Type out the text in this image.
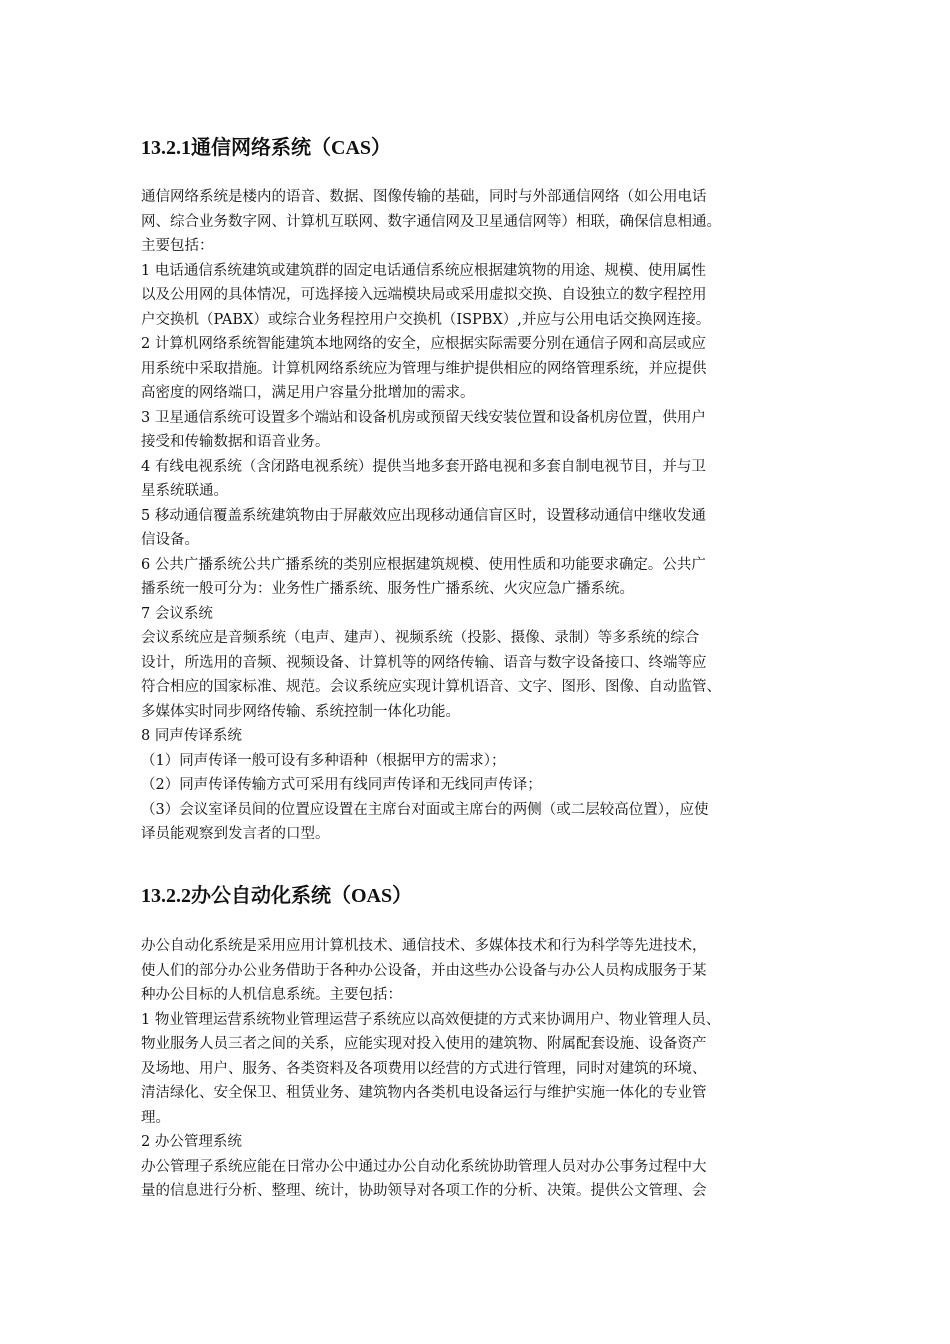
13.2.1通信网络系统（CAS）
通信网络系统是楼内的语音、数据、图像传输的基础，同时与外部通信网络（如公用电话
网、综合业务数字网、计算机互联网、数字通信网及卫星通信网等）相联，确保信息相通。
主要包括：
1 电话通信系统建筑或建筑群的固定电话通信系统应根据建筑物的用途、规模、使用属性
以及公用网的具体情况，可选择接入远端模块局或采用虚拟交换、自设独立的数字程控用
户交换机（PABX）或综合业务程控用户交换机（ISPBX）,并应与公用电话交换网连接。
2 计算机网络系统智能建筑本地网络的安全，应根据实际需要分别在通信子网和高层或应
用系统中采取措施。计算机网络系统应为管理与维护提供相应的网络管理系统，并应提供
高密度的网络端口，满足用户容量分批增加的需求。
3 卫星通信系统可设置多个端站和设备机房或预留天线安装位置和设备机房位置，供用户
接受和传输数据和语音业务。
4 有线电视系统（含闭路电视系统）提供当地多套开路电视和多套自制电视节目，并与卫
星系统联通。
5 移动通信覆盖系统建筑物由于屏蔽效应出现移动通信盲区时，设置移动通信中继收发通
信设备。
6 公共广播系统公共广播系统的类别应根据建筑规模、使用性质和功能要求确定。公共广
播系统一般可分为：业务性广播系统、服务性广播系统、火灾应急广播系统。
7 会议系统
会议系统应是音频系统（电声、建声）、视频系统（投影、摄像、录制）等多系统的综合
设计，所选用的音频、视频设备、计算机等的网络传输、语音与数字设备接口、终端等应
符合相应的国家标准、规范。会议系统应实现计算机语音、文字、图形、图像、自动监管、
多媒体实时同步网络传输、系统控制一体化功能。
8 同声传译系统
（1）同声传译一般可设有多种语种（根据甲方的需求）；
（2）同声传译传输方式可采用有线同声传译和无线同声传译；
（3）会议室译员间的位置应设置在主席台对面或主席台的两侧（或二层较高位置），应使
译员能观察到发言者的口型。
13.2.2办公自动化系统（OAS）
办公自动化系统是采用应用计算机技术、通信技术、多媒体技术和行为科学等先进技术，
使人们的部分办公业务借助于各种办公设备，并由这些办公设备与办公人员构成服务于某
种办公目标的人机信息系统。主要包括：
1 物业管理运营系统物业管理运营子系统应以高效便捷的方式来协调用户、物业管理人员、
物业服务人员三者之间的关系，应能实现对投入使用的建筑物、附属配套设施、设备资产
及场地、用户、服务、各类资料及各项费用以经营的方式进行管理，同时对建筑的环境、
清洁绿化、安全保卫、租赁业务、建筑物内各类机电设备运行与维护实施一体化的专业管
理。
2 办公管理系统
办公管理子系统应能在日常办公中通过办公自动化系统协助管理人员对办公事务过程中大
量的信息进行分析、整理、统计，协助领导对各项工作的分析、决策。提供公文管理、会
